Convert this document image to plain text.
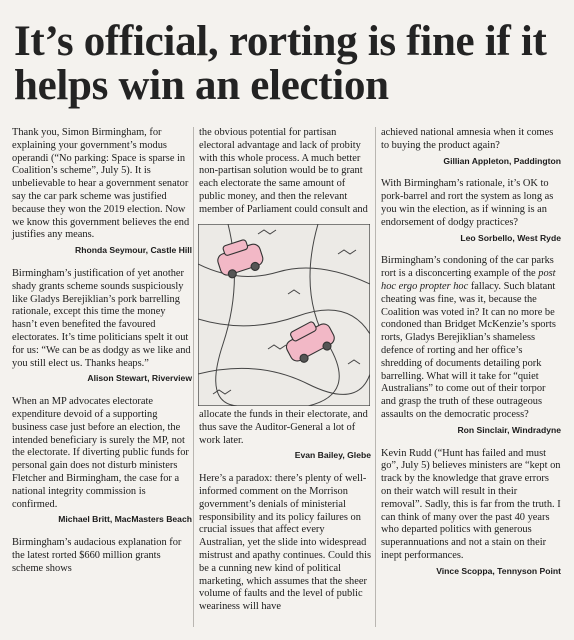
It’s official, rorting is fine if it helps win an election

Thank you, Simon Birmingham, for explaining your government’s modus operandi (“No parking: Space is sparse in Coalition’s scheme”, July 5). It is unbelievable to hear a government senator say the car park scheme was justified because they won the 2019 election. Now we know this government believes the end justifies any means.

Rhonda Seymour, Castle Hill

Birmingham’s justification of yet another shady grants scheme sounds suspiciously like Gladys Berejiklian’s pork barrelling rationale, except this time the money hasn’t even benefited the favoured electorates. It’s time politicians spelt it out for us: “We can be as dodgy as we like and you still elect us. Thanks heaps.”

Alison Stewart, Riverview

When an MP advocates electorate expenditure devoid of a supporting business case just before an election, the intended beneficiary is surely the MP, not the electorate. If diverting public funds for personal gain does not disturb ministers Fletcher and Birmingham, the case for a national integrity commission is confirmed.

Michael Britt, MacMasters Beach

Birmingham’s audacious explanation for the latest rorted $660 million grants scheme shows

the obvious potential for partisan electoral advantage and lack of probity with this whole process. A much better non-partisan solution would be to grant each electorate the same amount of public money, and then the relevant member of Parliament could consult and

allocate the funds in their electorate, and thus save the Auditor-General a lot of work later.

Evan Bailey, Glebe

Here’s a paradox: there’s plenty of well-informed comment on the Morrison government’s denials of ministerial responsibility and its policy failures on crucial issues that affect every Australian, yet the slide into widespread mistrust and apathy continues. Could this be a cunning new kind of political marketing, which assumes that the sheer volume of faults and the level of public weariness will have

achieved national amnesia when it comes to buying the product again?

Gillian Appleton, Paddington

With Birmingham’s rationale, it’s OK to pork-barrel and rort the system as long as you win the election, as if winning is an endorsement of dodgy practices?

Leo Sorbello, West Ryde

Birmingham’s condoning of the car parks rort is a disconcerting example of the post hoc ergo propter hoc fallacy. Such blatant cheating was fine, was it, because the Coalition was voted in? It can no more be condoned than Bridget McKenzie’s sports rorts, Gladys Berejiklian’s shameless defence of rorting and her office’s shredding of documents detailing pork barrelling. What will it take for “quiet Australians” to come out of their torpor and grasp the truth of these outrageous assaults on the democratic process?

Ron Sinclair, Windradyne

Kevin Rudd (“Hunt has failed and must go”, July 5) believes ministers are “kept on track by the knowledge that grave errors on their watch will result in their removal”. Sadly, this is far from the truth. I can think of many over the past 40 years who departed politics with generous superannuations and not a stain on their inept performances.

Vince Scoppa, Tennyson Point
